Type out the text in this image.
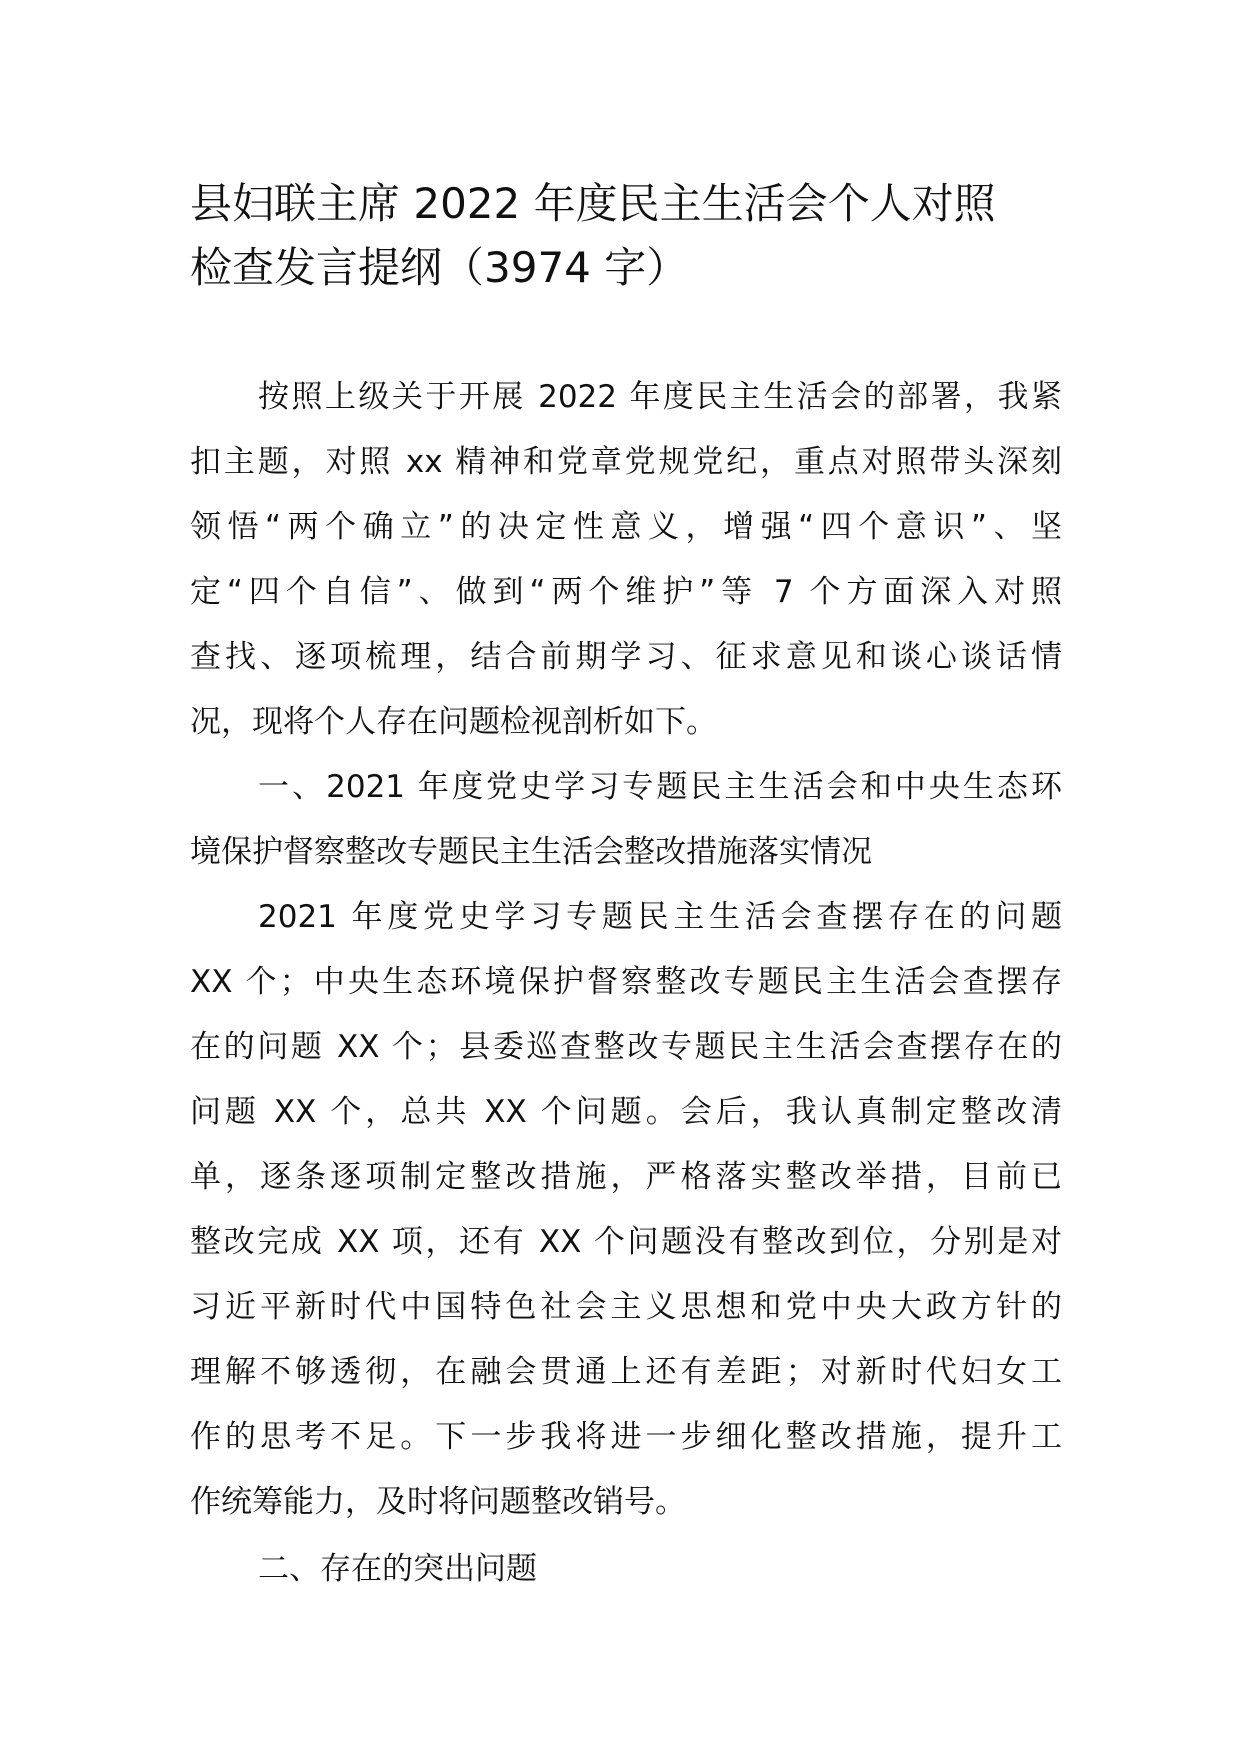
县妇联主席 2022 年度民主生活会个人对照
检查发言提纲（3974 字）
按照上级关于开展 2022 年度民主生活会的部署，我紧
扣主题，对照 xx 精神和党章党规党纪，重点对照带头深刻
领悟“两个确立”的决定性意义，增强“四个意识”、坚
定“四个自信”、做到“两个维护”等 7 个方面深入对照
查找、逐项梳理，结合前期学习、征求意见和谈心谈话情
况，现将个人存在问题检视剖析如下。
一、2021 年度党史学习专题民主生活会和中央生态环
境保护督察整改专题民主生活会整改措施落实情况
2021 年度党史学习专题民主生活会查摆存在的问题
XX 个；中央生态环境保护督察整改专题民主生活会查摆存
在的问题 XX 个；县委巡查整改专题民主生活会查摆存在的
问题 XX 个，总共 XX 个问题。会后，我认真制定整改清
单，逐条逐项制定整改措施，严格落实整改举措，目前已
整改完成 XX 项，还有 XX 个问题没有整改到位，分别是对
习近平新时代中国特色社会主义思想和党中央大政方针的
理解不够透彻，在融会贯通上还有差距；对新时代妇女工
作的思考不足。下一步我将进一步细化整改措施，提升工
作统筹能力，及时将问题整改销号。
二、存在的突出问题
